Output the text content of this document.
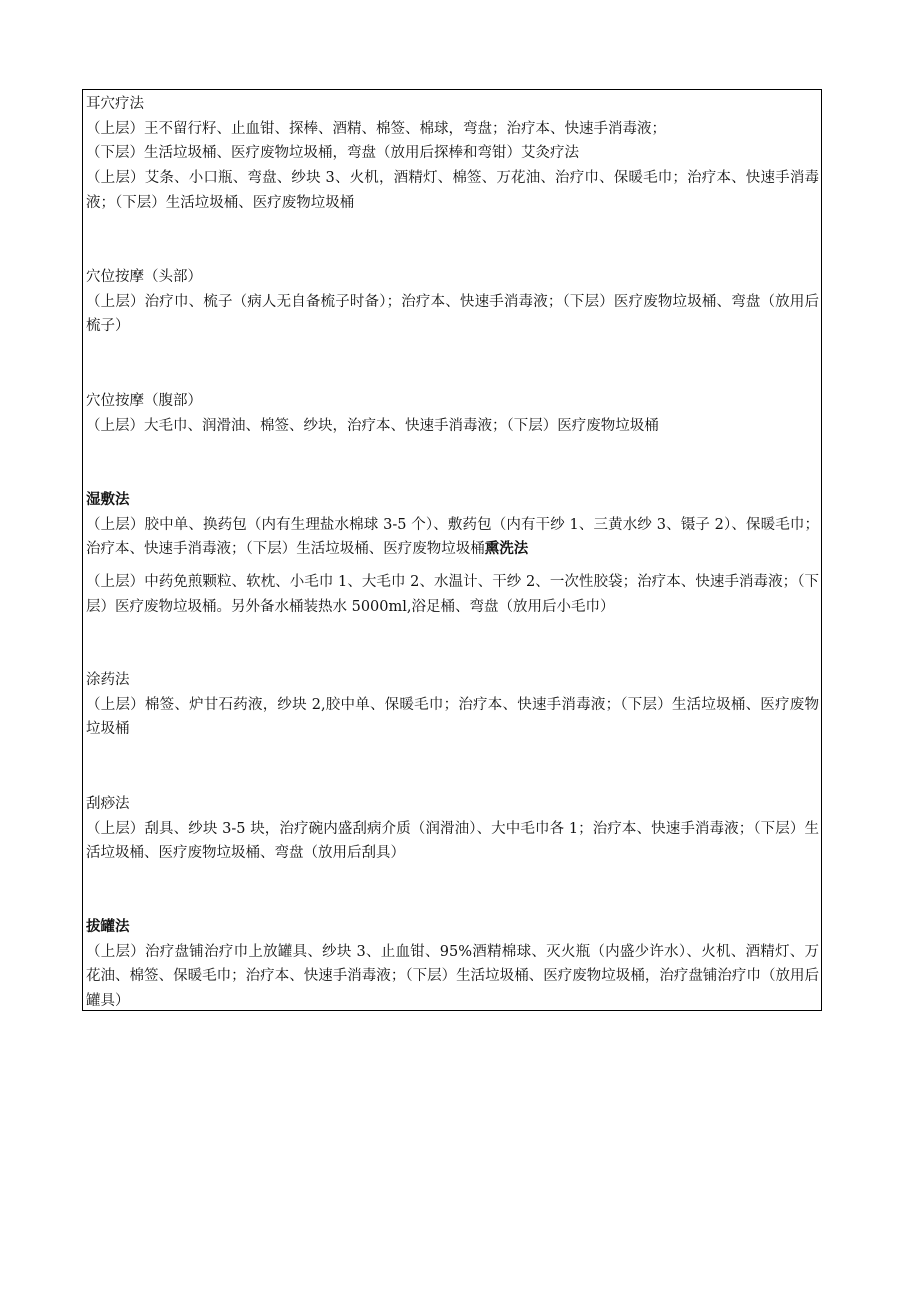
耳穴疗法
（上层）王不留行籽、止血钳、探棒、酒精、棉签、棉球，弯盘；治疗本、快速手消毒液；
（下层）生活垃圾桶、医疗废物垃圾桶，弯盘（放用后探棒和弯钳）艾灸疗法
（上层）艾条、小口瓶、弯盘、纱块 3、火机，酒精灯、棉签、万花油、治疗巾、保暖毛巾；治疗本、快速手消毒液；（下层）生活垃圾桶、医疗废物垃圾桶
穴位按摩（头部）
（上层）治疗巾、梳子（病人无自备梳子时备）；治疗本、快速手消毒液；（下层）医疗废物垃圾桶、弯盘（放用后梳子）
穴位按摩（腹部）
（上层）大毛巾、润滑油、棉签、纱块，治疗本、快速手消毒液；（下层）医疗废物垃圾桶
湿敷法
（上层）胶中单、换药包（内有生理盐水棉球 3-5 个）、敷药包（内有干纱 1、三黄水纱 3、镊子 2）、保暖毛巾；治疗本、快速手消毒液；（下层）生活垃圾桶、医疗废物垃圾桶熏洗法
（上层）中药免煎颗粒、软枕、小毛巾 1、大毛巾 2、水温计、干纱 2、一次性胶袋；治疗本、快速手消毒液；（下层）医疗废物垃圾桶。另外备水桶装热水 5000ml,浴足桶、弯盘（放用后小毛巾）
涂药法
（上层）棉签、炉甘石药液，纱块 2,胶中单、保暖毛巾；治疗本、快速手消毒液；（下层）生活垃圾桶、医疗废物垃圾桶
刮痧法
（上层）刮具、纱块 3-5 块，治疗碗内盛刮病介质（润滑油）、大中毛巾各 1；治疗本、快速手消毒液；（下层）生活垃圾桶、医疗废物垃圾桶、弯盘（放用后刮具）
拔罐法
（上层）治疗盘铺治疗巾上放罐具、纱块 3、止血钳、95%酒精棉球、灭火瓶（内盛少许水）、火机、酒精灯、万花油、棉签、保暖毛巾；治疗本、快速手消毒液；（下层）生活垃圾桶、医疗废物垃圾桶，治疗盘铺治疗巾（放用后罐具）
